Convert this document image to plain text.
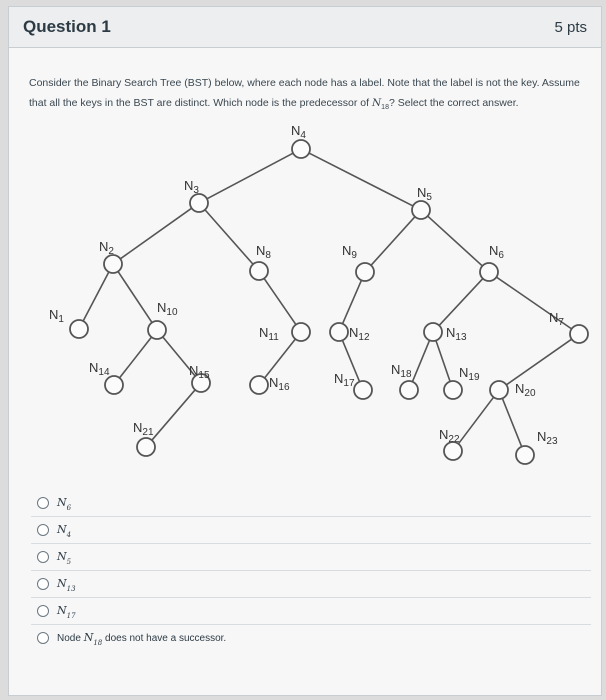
Question 1	5 pts
Consider the Binary Search Tree (BST) below, where each node has a label. Note that the label is not the key. Assume that all the keys in the BST are distinct. Which node is the predecessor of $N_{18}$? Select the correct answer.
$N_4$
$N_3$	$N_5$
$N_2$	$N_8$	$N_9$	$N_6$
$N_1$
$N_{10}$
$N_{11}$	$N_{12}$	$N_{13}$
$N_7$
$N_{14}$	$N_{15}$	$N_{16}$
$N_{17}$
$N_{18}$	$N_{19}$
$N_{20}$
$N_{21}$	$N_{22}$	$N_{23}$
$N_6$
$N_4$
$N_5$
$N_{13}$
$N_{17}$
Node $N_{18}$ does not have a successor.
